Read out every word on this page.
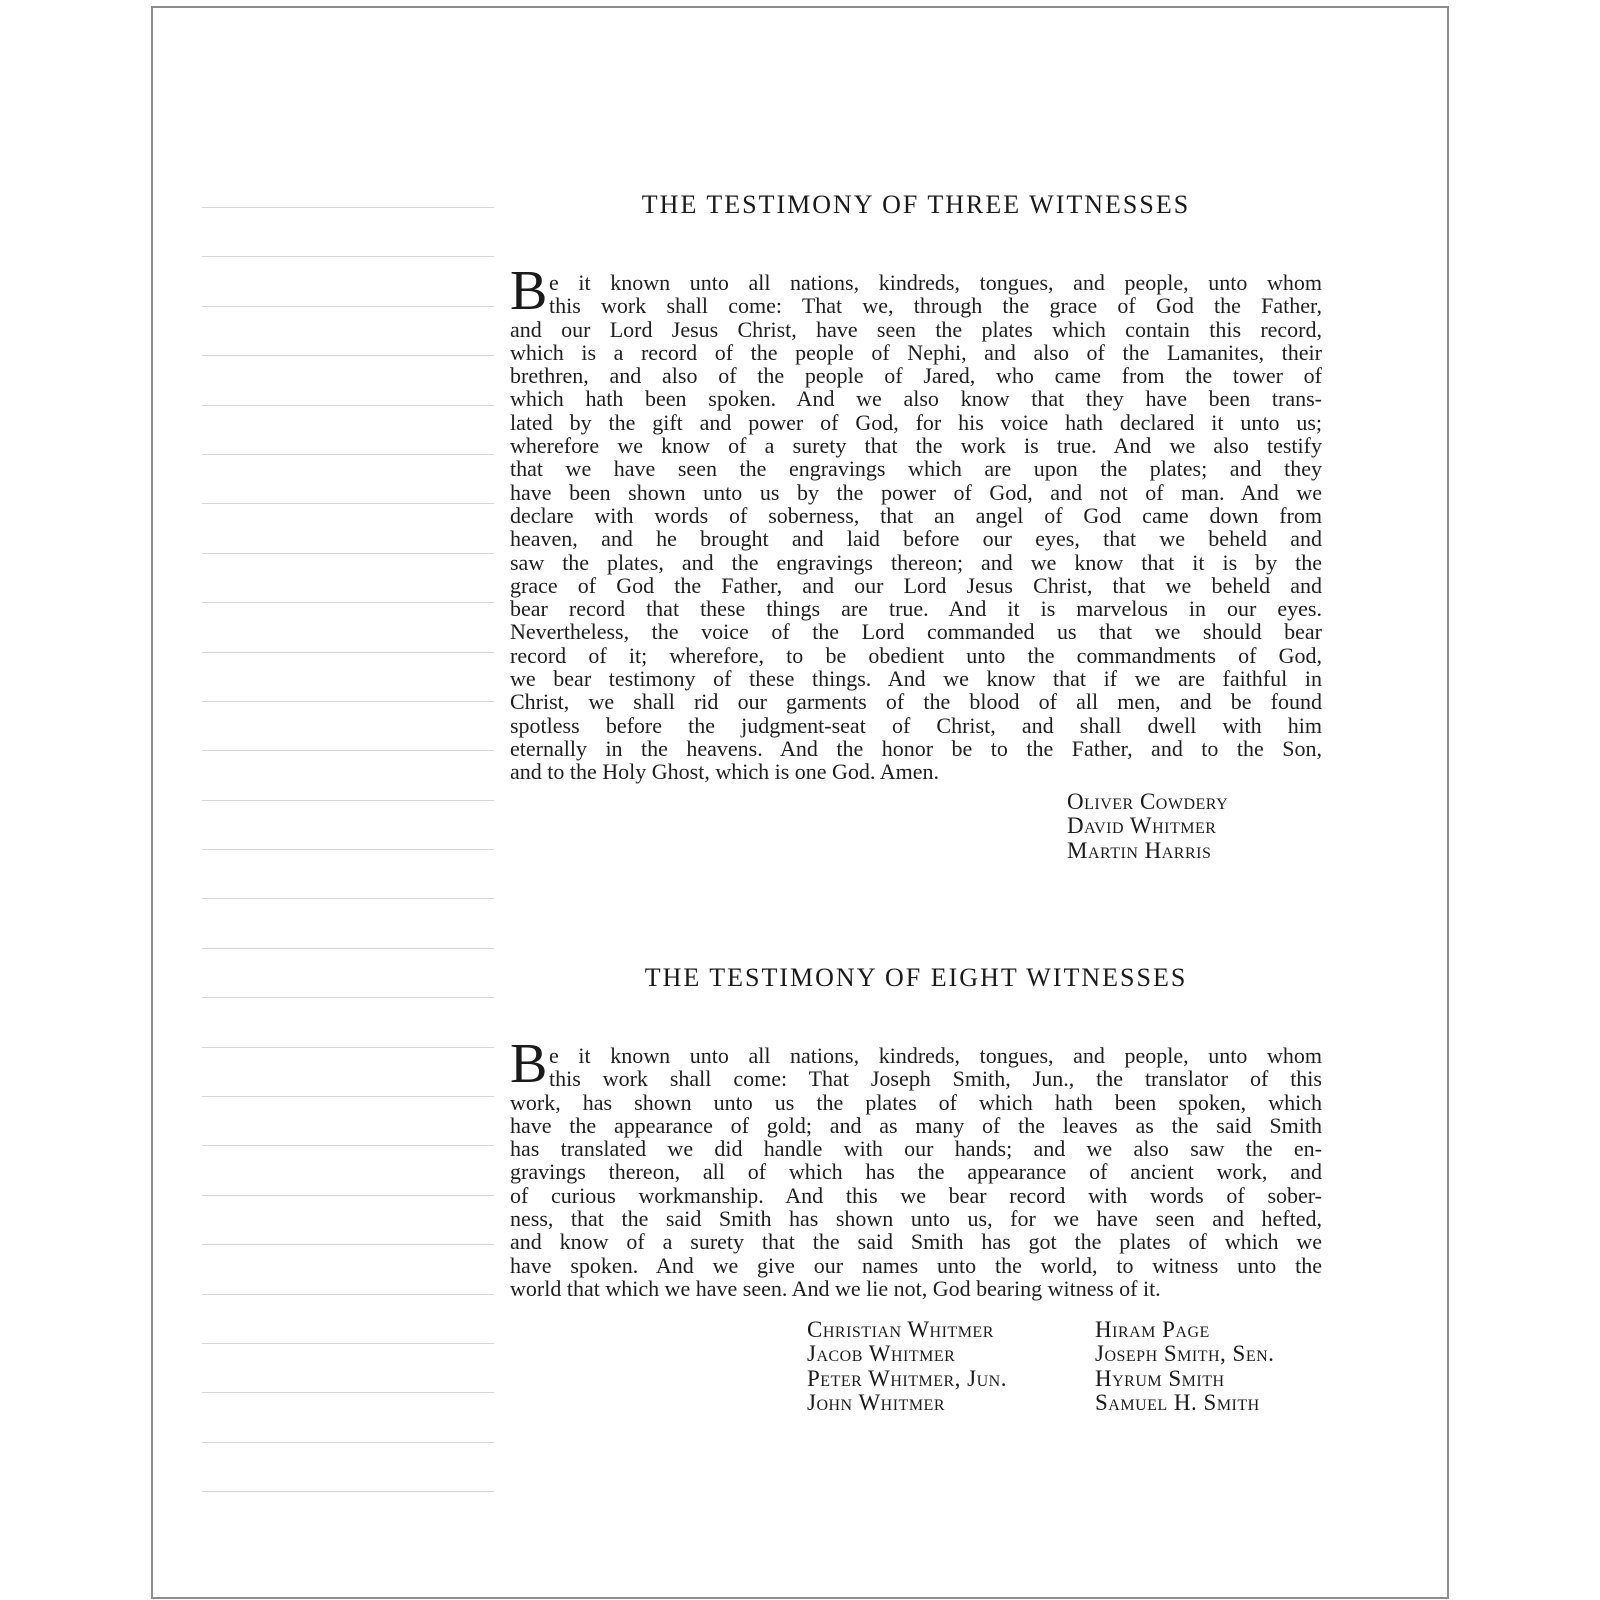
THE TESTIMONY OF THREE WITNESSES
B e it known unto all nations, kindreds, tongues, and people, unto whom
this work shall come: That we, through the grace of God the Father,
and our Lord Jesus Christ, have seen the plates which contain this record,
which is a record of the people of Nephi, and also of the Lamanites, their
brethren, and also of the people of Jared, who came from the tower of
which hath been spoken. And we also know that they have been trans-
lated by the gift and power of God, for his voice hath declared it unto us;
wherefore we know of a surety that the work is true. And we also testify
that we have seen the engravings which are upon the plates; and they
have been shown unto us by the power of God, and not of man. And we
declare with words of soberness, that an angel of God came down from
heaven, and he brought and laid before our eyes, that we beheld and
saw the plates, and the engravings thereon; and we know that it is by the
grace of God the Father, and our Lord Jesus Christ, that we beheld and
bear record that these things are true. And it is marvelous in our eyes.
Nevertheless, the voice of the Lord commanded us that we should bear
record of it; wherefore, to be obedient unto the commandments of God,
we bear testimony of these things. And we know that if we are faithful in
Christ, we shall rid our garments of the blood of all men, and be found
spotless before the judgment-seat of Christ, and shall dwell with him
eternally in the heavens. And the honor be to the Father, and to the Son,
and to the Holy Ghost, which is one God. Amen.
Oliver Cowdery
David Whitmer
Martin Harris
THE TESTIMONY OF EIGHT WITNESSES
B e it known unto all nations, kindreds, tongues, and people, unto whom
this work shall come: That Joseph Smith, Jun., the translator of this
work, has shown unto us the plates of which hath been spoken, which
have the appearance of gold; and as many of the leaves as the said Smith
has translated we did handle with our hands; and we also saw the en-
gravings thereon, all of which has the appearance of ancient work, and
of curious workmanship. And this we bear record with words of sober-
ness, that the said Smith has shown unto us, for we have seen and hefted,
and know of a surety that the said Smith has got the plates of which we
have spoken. And we give our names unto the world, to witness unto the
world that which we have seen. And we lie not, God bearing witness of it.
Christian Whitmer
Jacob Whitmer
Peter Whitmer, Jun.
John Whitmer
Hiram Page
Joseph Smith, Sen.
Hyrum Smith
Samuel H. Smith
